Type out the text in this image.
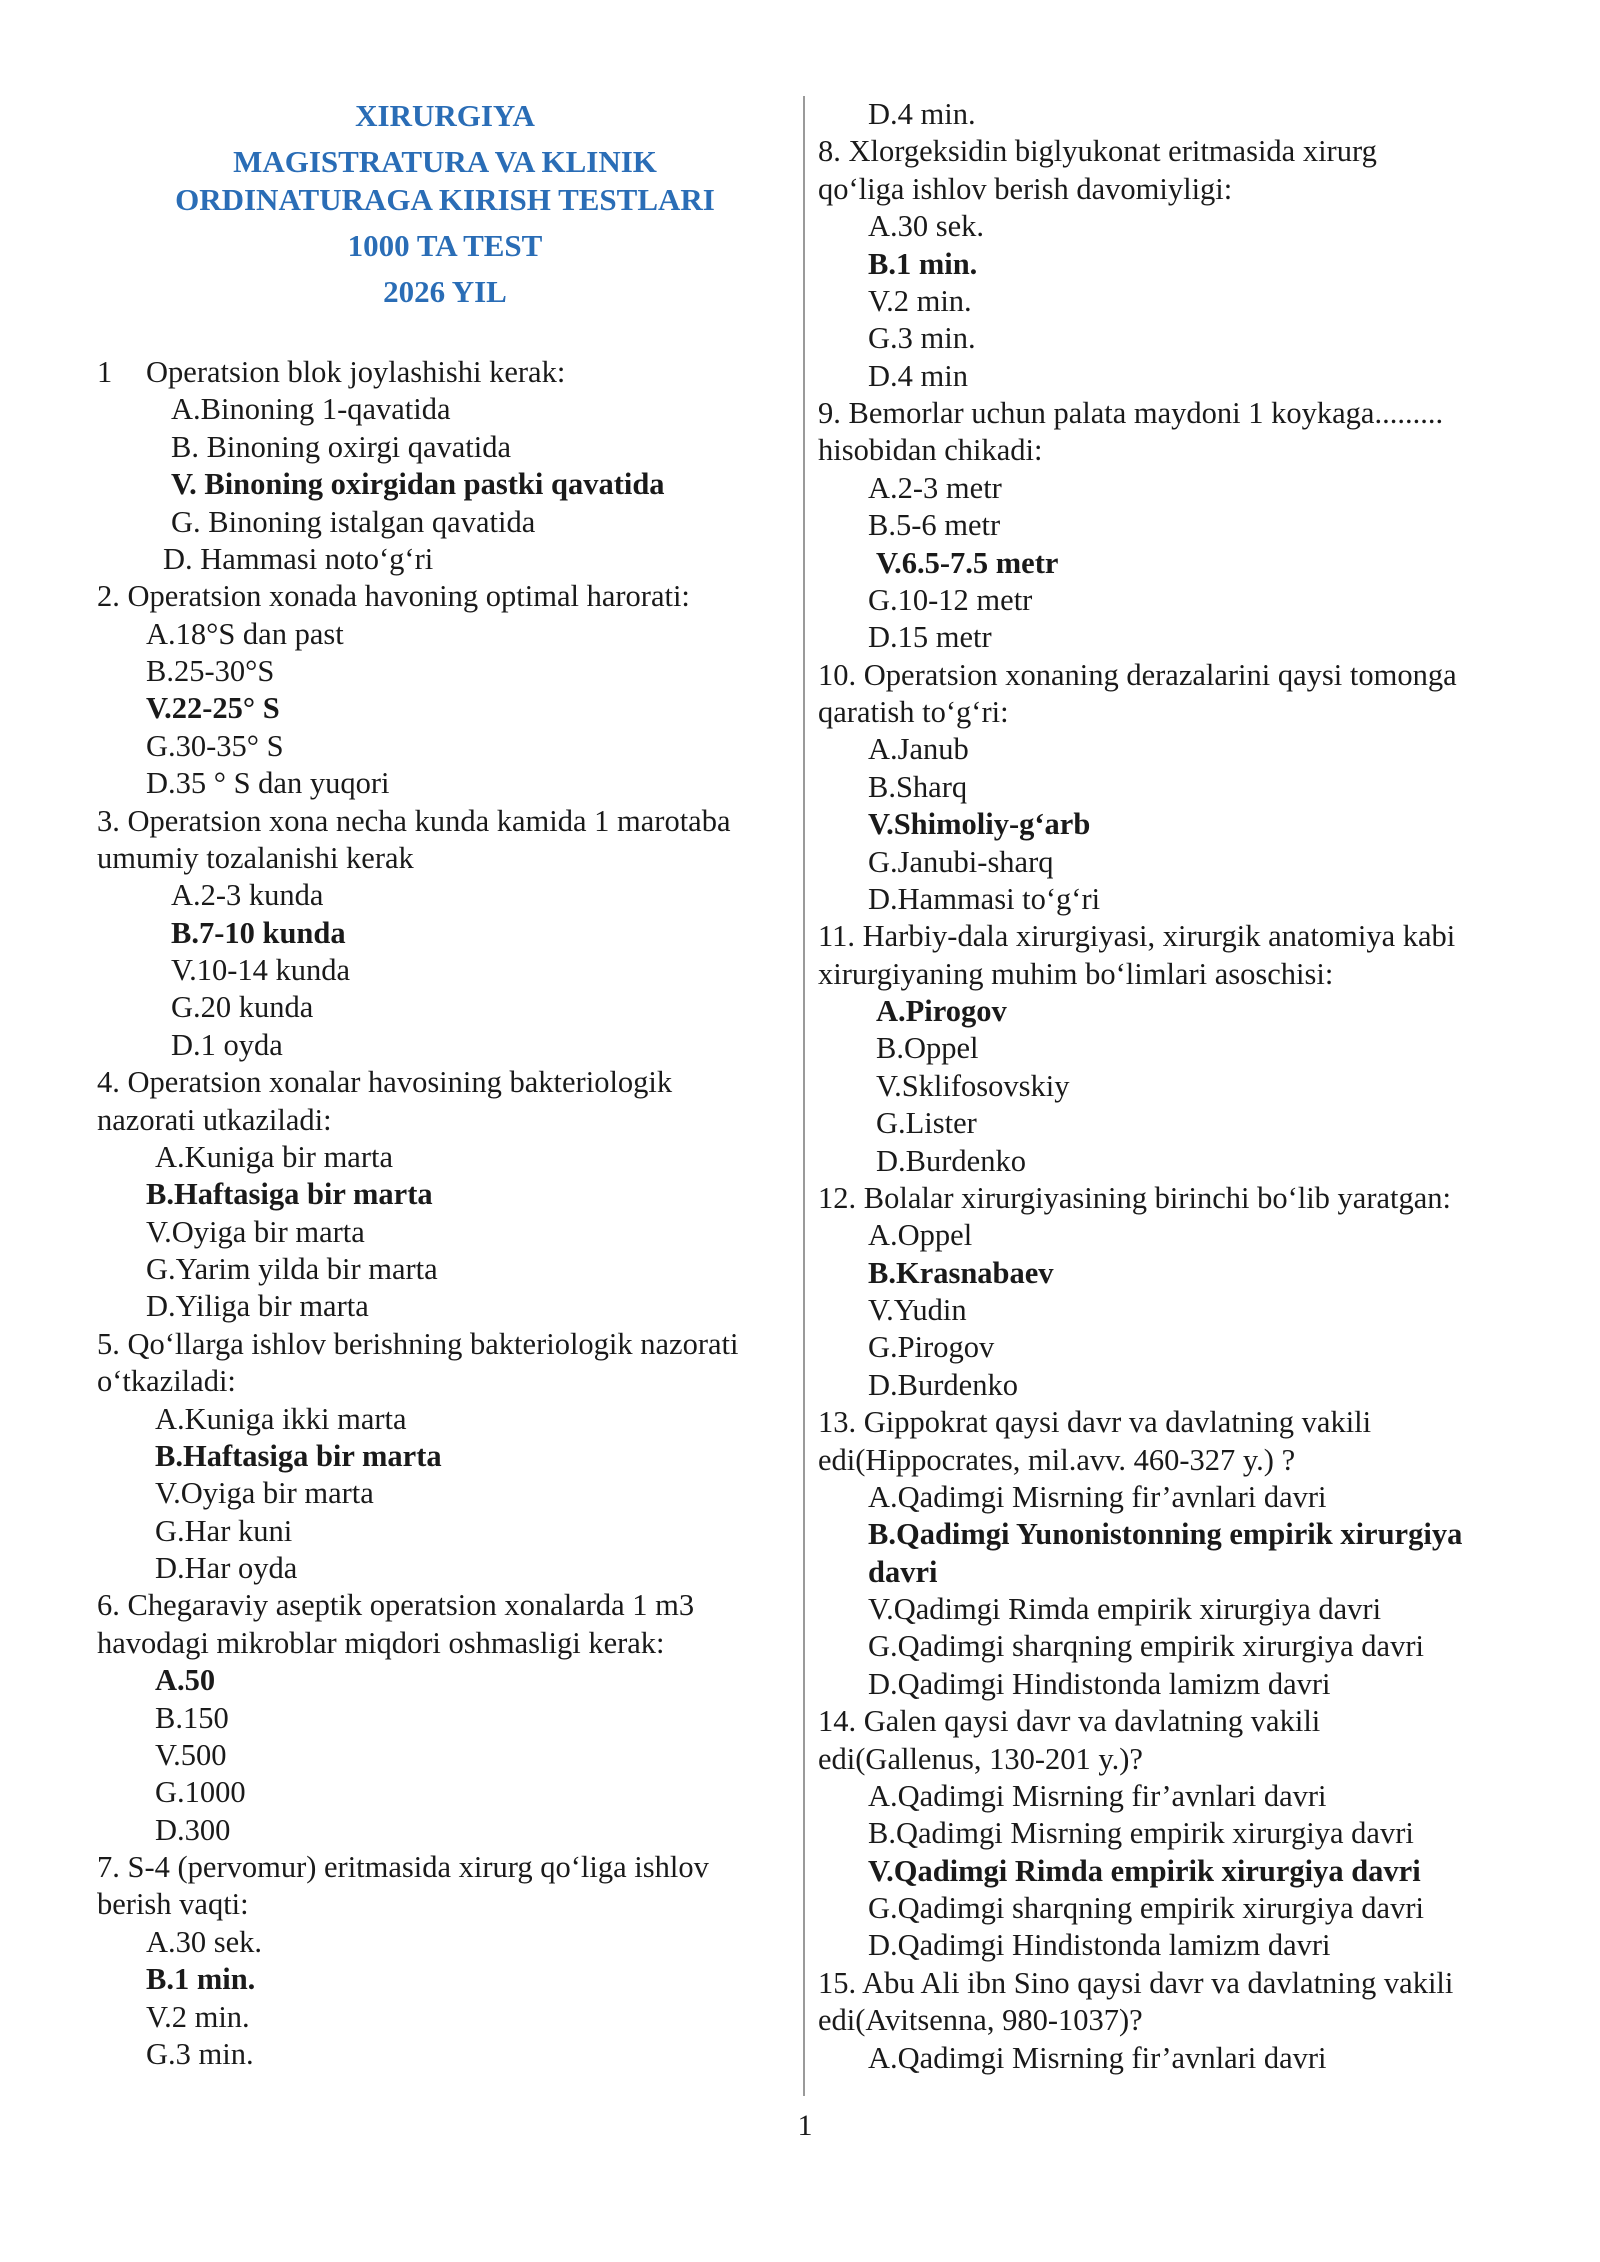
XIRURGIYA
MAGISTRATURA VA KLINIK
ORDINATURAGA KIRISH TESTLARI
1000 TA TEST
2026 YIL
1 Operatsion blok joylashishi kerak:
A.Binoning 1-qavatida
B. Binoning oxirgi qavatida
V. Binoning oxirgidan pastki qavatida
G. Binoning istalgan qavatida
D. Hammasi noto‘g‘ri
2. Operatsion xonada havoning optimal harorati:
A.18°S dan past
B.25-30°S
V.22-25° S
G.30-35° S
D.35 ° S dan yuqori
3. Operatsion xona necha kunda kamida 1 marotaba
umumiy tozalanishi kerak
A.2-3 kunda
B.7-10 kunda
V.10-14 kunda
G.20 kunda
D.1 oyda
4. Operatsion xonalar havosining bakteriologik
nazorati utkaziladi:
A.Kuniga bir marta
B.Haftasiga bir marta
V.Oyiga bir marta
G.Yarim yilda bir marta
D.Yiliga bir marta
5. Qo‘llarga ishlov berishning bakteriologik nazorati
o‘tkaziladi:
A.Kuniga ikki marta
B.Haftasiga bir marta
V.Oyiga bir marta
G.Har kuni
D.Har oyda
6. Chegaraviy aseptik operatsion xonalarda 1 m3
havodagi mikroblar miqdori oshmasligi kerak:
A.50
B.150
V.500
G.1000
D.300
7. S-4 (pervomur) eritmasida xirurg qo‘liga ishlov
berish vaqti:
A.30 sek.
B.1 min.
V.2 min.
G.3 min.
D.4 min.
8. Xlorgeksidin biglyukonat eritmasida xirurg
qo‘liga ishlov berish davomiyligi:
A.30 sek.
B.1 min.
V.2 min.
G.3 min.
D.4 min
9. Bemorlar uchun palata maydoni 1 koykaga.........
hisobidan chikadi:
A.2-3 metr
B.5-6 metr
V.6.5-7.5 metr
G.10-12 metr
D.15 metr
10. Operatsion xonaning derazalarini qaysi tomonga
qaratish to‘g‘ri:
A.Janub
B.Sharq
V.Shimoliy-g‘arb
G.Janubi-sharq
D.Hammasi to‘g‘ri
11. Harbiy-dala xirurgiyasi, xirurgik anatomiya kabi
xirurgiyaning muhim bo‘limlari asoschisi:
A.Pirogov
B.Oppel
V.Sklifosovskiy
G.Lister
D.Burdenko
12. Bolalar xirurgiyasining birinchi bo‘lib yaratgan:
A.Oppel
B.Krasnabaev
V.Yudin
G.Pirogov
D.Burdenko
13. Gippokrat qaysi davr va davlatning vakili
edi(Hippocrates, mil.avv. 460-327 y.) ?
A.Qadimgi Misrning fir’avnlari davri
B.Qadimgi Yunonistonning empirik xirurgiya
davri
V.Qadimgi Rimda empirik xirurgiya davri
G.Qadimgi sharqning empirik xirurgiya davri
D.Qadimgi Hindistonda lamizm davri
14. Galen qaysi davr va davlatning vakili
edi(Gallenus, 130-201 y.)?
A.Qadimgi Misrning fir’avnlari davri
B.Qadimgi Misrning empirik xirurgiya davri
V.Qadimgi Rimda empirik xirurgiya davri
G.Qadimgi sharqning empirik xirurgiya davri
D.Qadimgi Hindistonda lamizm davri
15. Abu Ali ibn Sino qaysi davr va davlatning vakili
edi(Avitsenna, 980-1037)?
A.Qadimgi Misrning fir’avnlari davri
1
